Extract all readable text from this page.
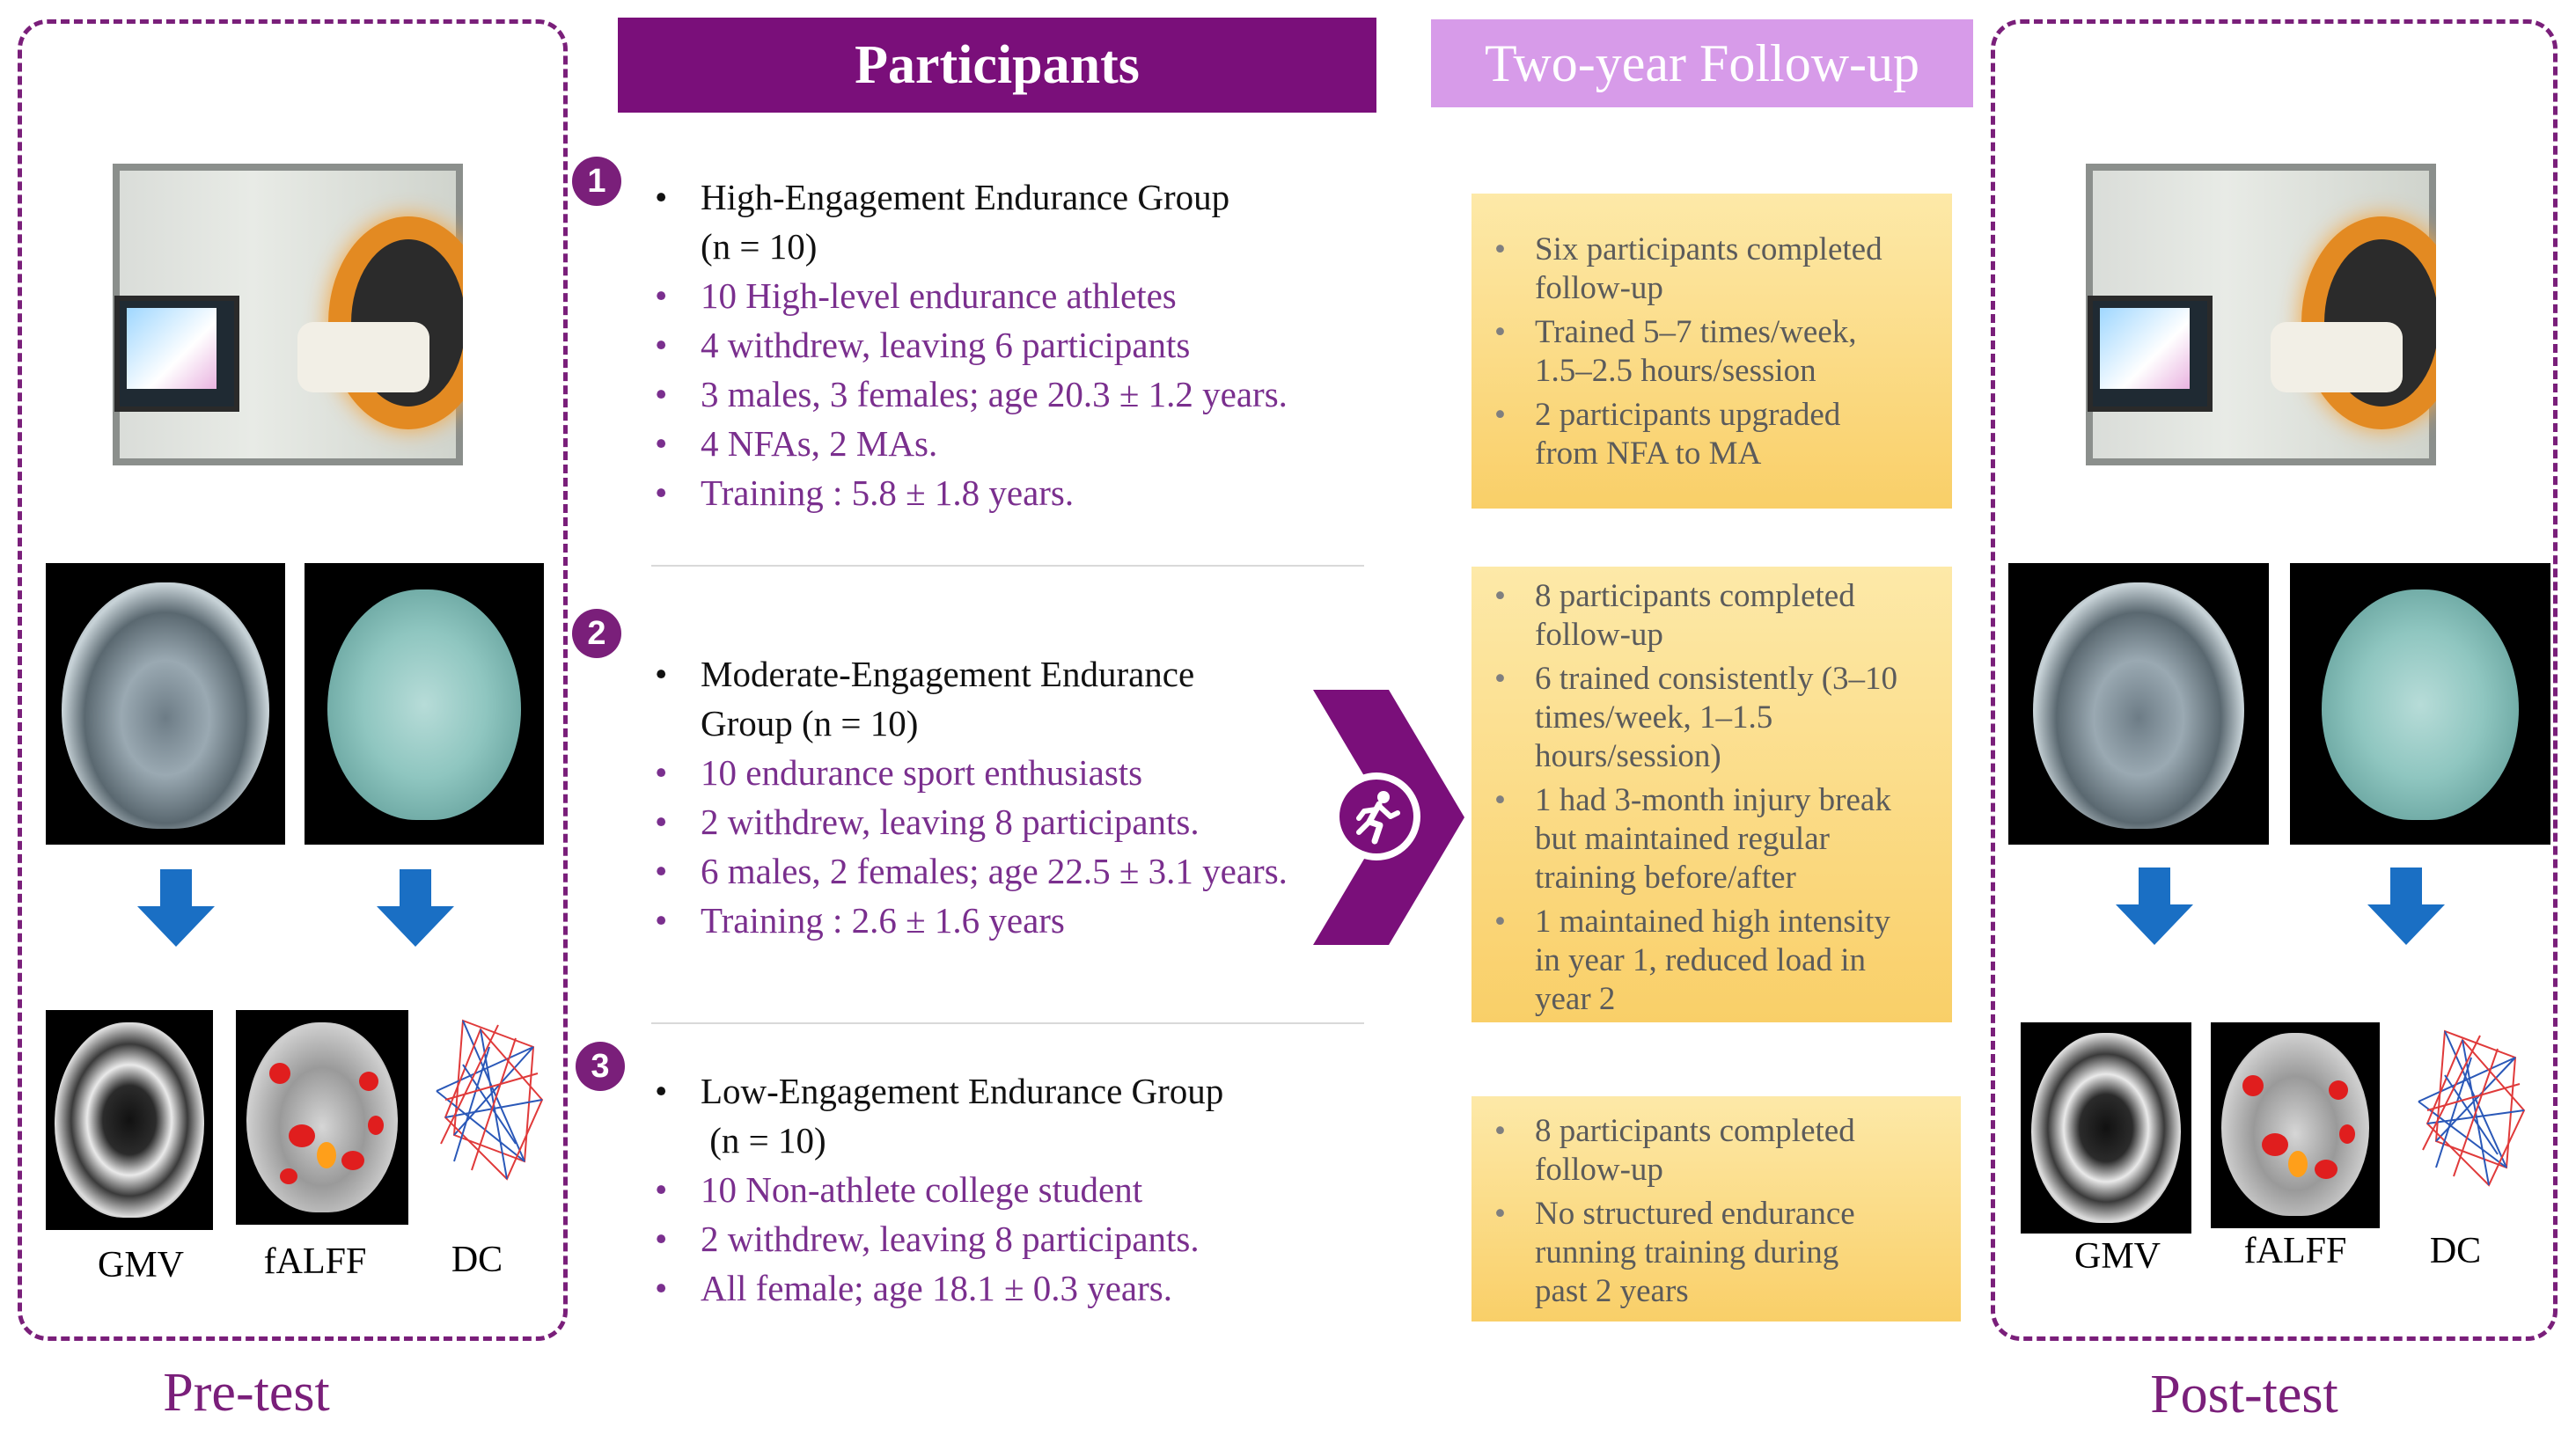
GMV	fALFF	DC
Pre-test
Participants	Two-year Follow-up
1
•	High-Engagement Endurance Group
(n = 10)
• 10 High-level endurance athletes
• 4 withdrew, leaving 6 participants
• 3 males, 3 females; age 20.3 ± 1.2 years.
• 4 NFAs, 2 MAs.
• Training : 5.8 ± 1.8 years.
2
• Moderate-Engagement Endurance
Group (n = 10)
• 10 endurance sport enthusiasts
• 2 withdrew, leaving 8 participants.
• 6 males, 2 females; age 22.5 ± 3.1 years.
• Training : 2.6 ± 1.6 years
3
• Low-Engagement Endurance Group
(n = 10)
• 10 Non-athlete college student
• 2 withdrew, leaving 8 participants.
• All female; age 18.1 ± 0.3 years.
• Six participants completed
follow-up
• Trained 5–7 times/week,
1.5–2.5 hours/session
• 2 participants upgraded
from NFA to MA
• 8 participants completed
follow-up
• 6 trained consistently (3–10
times/week, 1–1.5
hours/session)
• 1 had 3-month injury break
but maintained regular
training before/after
• 1 maintained high intensity
in year 1, reduced load in
year 2
• 8 participants completed
follow-up
• No structured endurance
running training during
past 2 years
GMV	fALFF	DC
Post-test
